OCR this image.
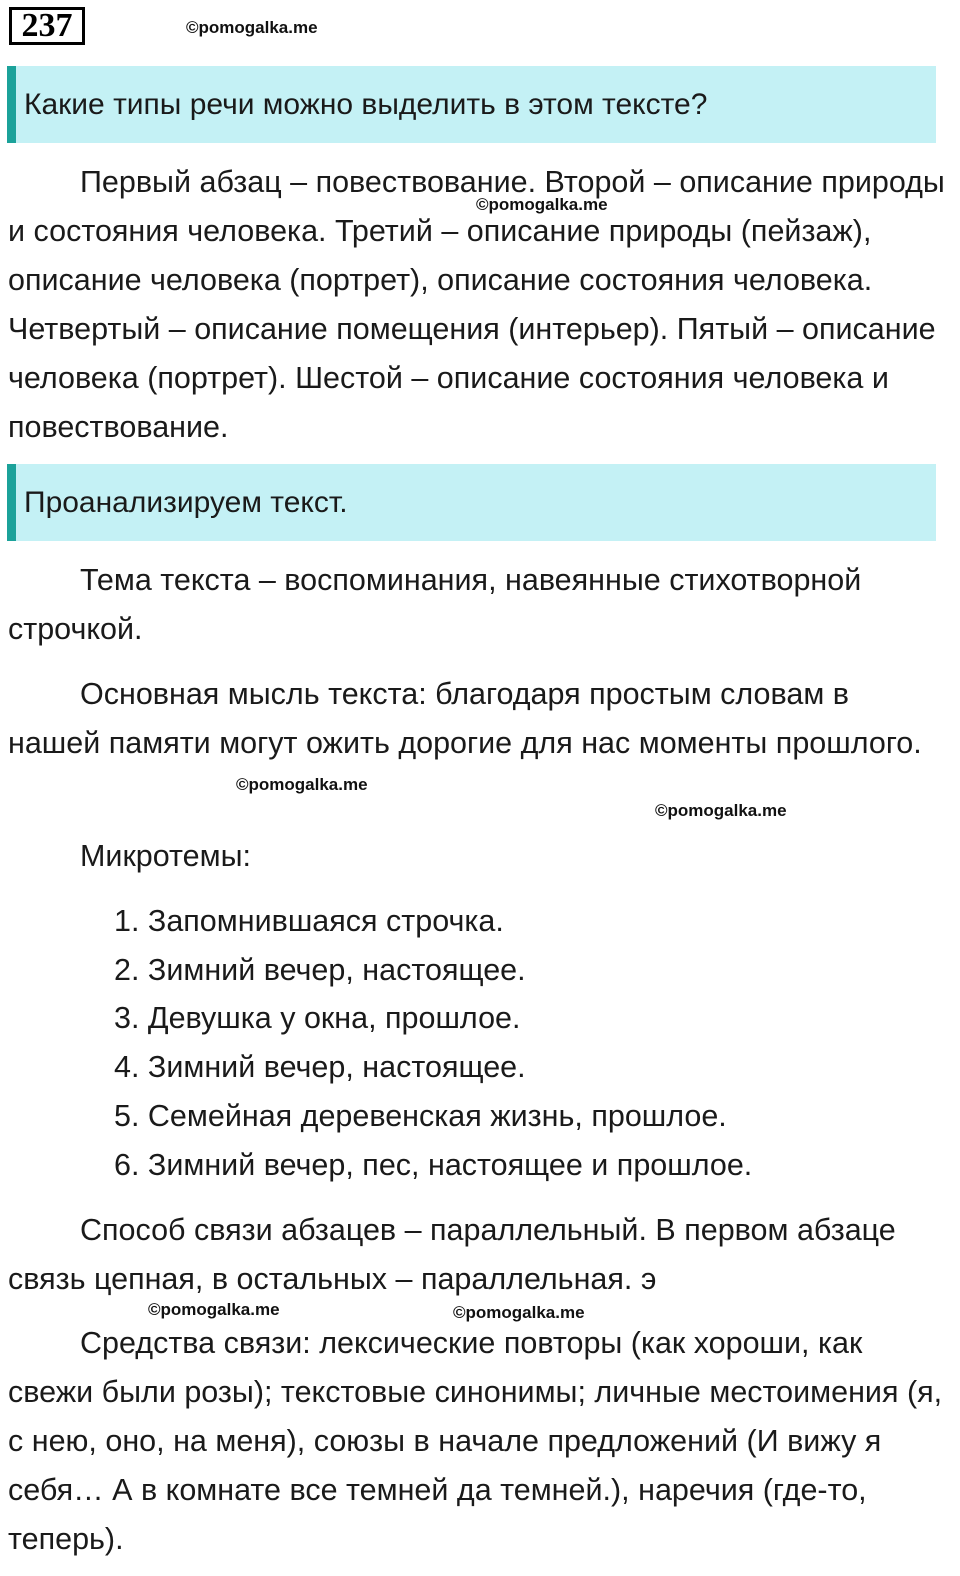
237	©pomogalka.me
Какие типы речи можно выделить в этом тексте?

Первый абзац – повествование. Второй – описание природы и состояния человека. Третий – описание природы (пейзаж), описание человека (портрет), описание состояния человека. Четвертый – описание помещения (интерьер). Пятый – описание человека (портрет). Шестой – описание состояния человека и повествование.

©pomogalka.me
Проанализируем текст.

Тема текста – воспоминания, навеянные стихотворной строчкой.

Основная мысль текста: благодаря простым словам в нашей памяти могут ожить дорогие для нас моменты прошлого.

©pomogalka.me
©pomogalka.me
Микротемы:
1. Запомнившаяся строчка.
2. Зимний вечер, настоящее.
3. Девушка у окна, прошлое.
4. Зимний вечер, настоящее.
5. Семейная деревенская жизнь, прошлое.
6. Зимний вечер, пес, настоящее и прошлое.

Способ связи абзацев – параллельный. В первом абзаце связь цепная, в остальных – параллельная. э

©pomogalka.me	©pomogalka.me

Средства связи: лексические повторы (как хороши, как свежи были розы); текстовые синонимы; личные местоимения (я, с нею, оно, на меня), союзы в начале предложений (И вижу я себя… А в комнате все темней да темней.), наречия (где-то, теперь).
